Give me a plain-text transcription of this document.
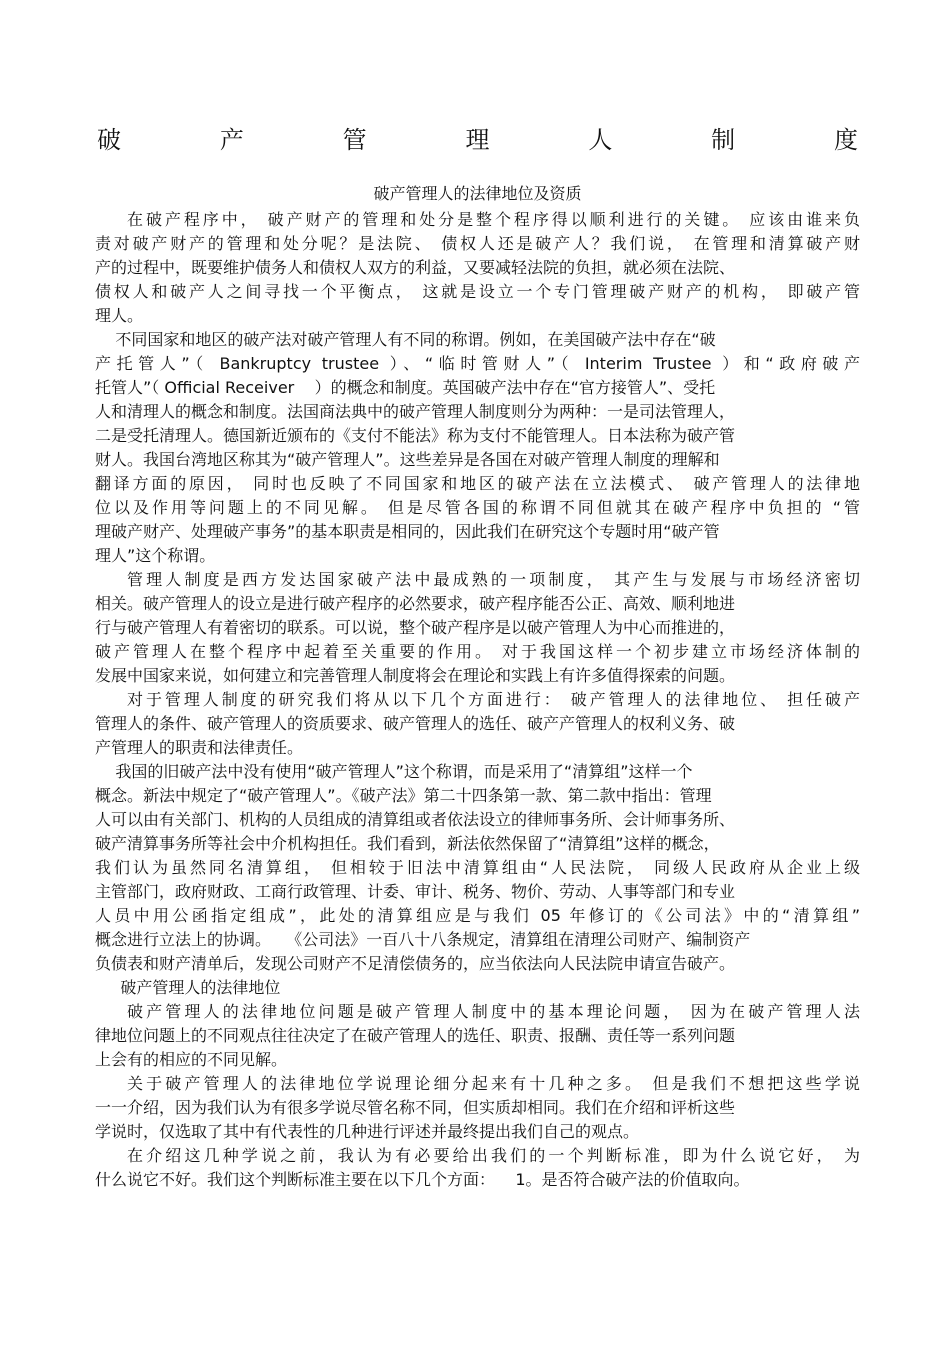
破	产	管	理	人	制	度
破产管理人的法律地位及资质
在破产程序中， 破产财产的管理和处分是整个程序得以顺利进行的关键。 应该由谁来负
责对破产财产的管理和处分呢？是法院、 债权人还是破产人？我们说， 在管理和清算破产财
产的过程中，既要维护债务人和债权人双方的利益，又要减轻法院的负担，就必须在法院、
债权人和破产人之间寻找一个平衡点， 这就是设立一个专门管理破产财产的机构， 即破产管
理人。
不同国家和地区的破产法对破产管理人有不同的称谓。例如，在美国破产法中存在“破
产托管人”（ Bankruptcy trustee ）、“临时管财人”（ Interim Trustee ）和“政府破产
托管人”（ Official Receiver    ）的概念和制度。英国破产法中存在“官方接管人”、受托
人和清理人的概念和制度。法国商法典中的破产管理人制度则分为两种：一是司法管理人，
二是受托清理人。德国新近颁布的《支付不能法》称为支付不能管理人。日本法称为破产管
财人。我国台湾地区称其为“破产管理人”。这些差异是各国在对破产管理人制度的理解和
翻译方面的原因， 同时也反映了不同国家和地区的破产法在立法模式、 破产管理人的法律地
位以及作用等问题上的不同见解。 但是尽管各国的称谓不同但就其在破产程序中负担的 “管
理破产财产、处理破产事务”的基本职责是相同的，因此我们在研究这个专题时用“破产管
理人”这个称谓。
管理人制度是西方发达国家破产法中最成熟的一项制度， 其产生与发展与市场经济密切
相关。破产管理人的设立是进行破产程序的必然要求，破产程序能否公正、高效、顺利地进
行与破产管理人有着密切的联系。可以说，整个破产程序是以破产管理人为中心而推进的，
破产管理人在整个程序中起着至关重要的作用。 对于我国这样一个初步建立市场经济体制的
发展中国家来说，如何建立和完善管理人制度将会在理论和实践上有许多值得探索的问题。
对于管理人制度的研究我们将从以下几个方面进行： 破产管理人的法律地位、 担任破产
管理人的条件、破产管理人的资质要求、破产管理人的选任、破产产管理人的权利义务、破
产管理人的职责和法律责任。
我国的旧破产法中没有使用“破产管理人”这个称谓，而是采用了“清算组”这样一个
概念。新法中规定了“破产管理人”。《破产法》第二十四条第一款、第二款中指出：管理
人可以由有关部门、机构的人员组成的清算组或者依法设立的律师事务所、会计师事务所、
破产清算事务所等社会中介机构担任。我们看到，新法依然保留了“清算组”这样的概念，
我们认为虽然同名清算组， 但相较于旧法中清算组由“人民法院， 同级人民政府从企业上级
主管部门，政府财政、工商行政管理、计委、审计、税务、物价、劳动、人事等部门和专业
人员中用公函指定组成”，此处的清算组应是与我们 05 年修订的《公司法》中的“清算组”
概念进行立法上的协调。   《公司法》一百八十八条规定，清算组在清理公司财产、编制资产
负债表和财产清单后，发现公司财产不足清偿债务的，应当依法向人民法院申请宣告破产。
破产管理人的法律地位
破产管理人的法律地位问题是破产管理人制度中的基本理论问题， 因为在破产管理人法
律地位问题上的不同观点往往决定了在破产管理人的选任、职责、报酬、责任等一系列问题
上会有的相应的不同见解。
关于破产管理人的法律地位学说理论细分起来有十几种之多。 但是我们不想把这些学说
一一介绍，因为我们认为有很多学说尽管名称不同，但实质却相同。我们在介绍和评析这些
学说时，仅选取了其中有代表性的几种进行评述并最终提出我们自己的观点。
在介绍这几种学说之前，我认为有必要给出我们的一个判断标准，即为什么说它好， 为
什么说它不好。我们这个判断标准主要在以下几个方面：    1。是否符合破产法的价值取向。
